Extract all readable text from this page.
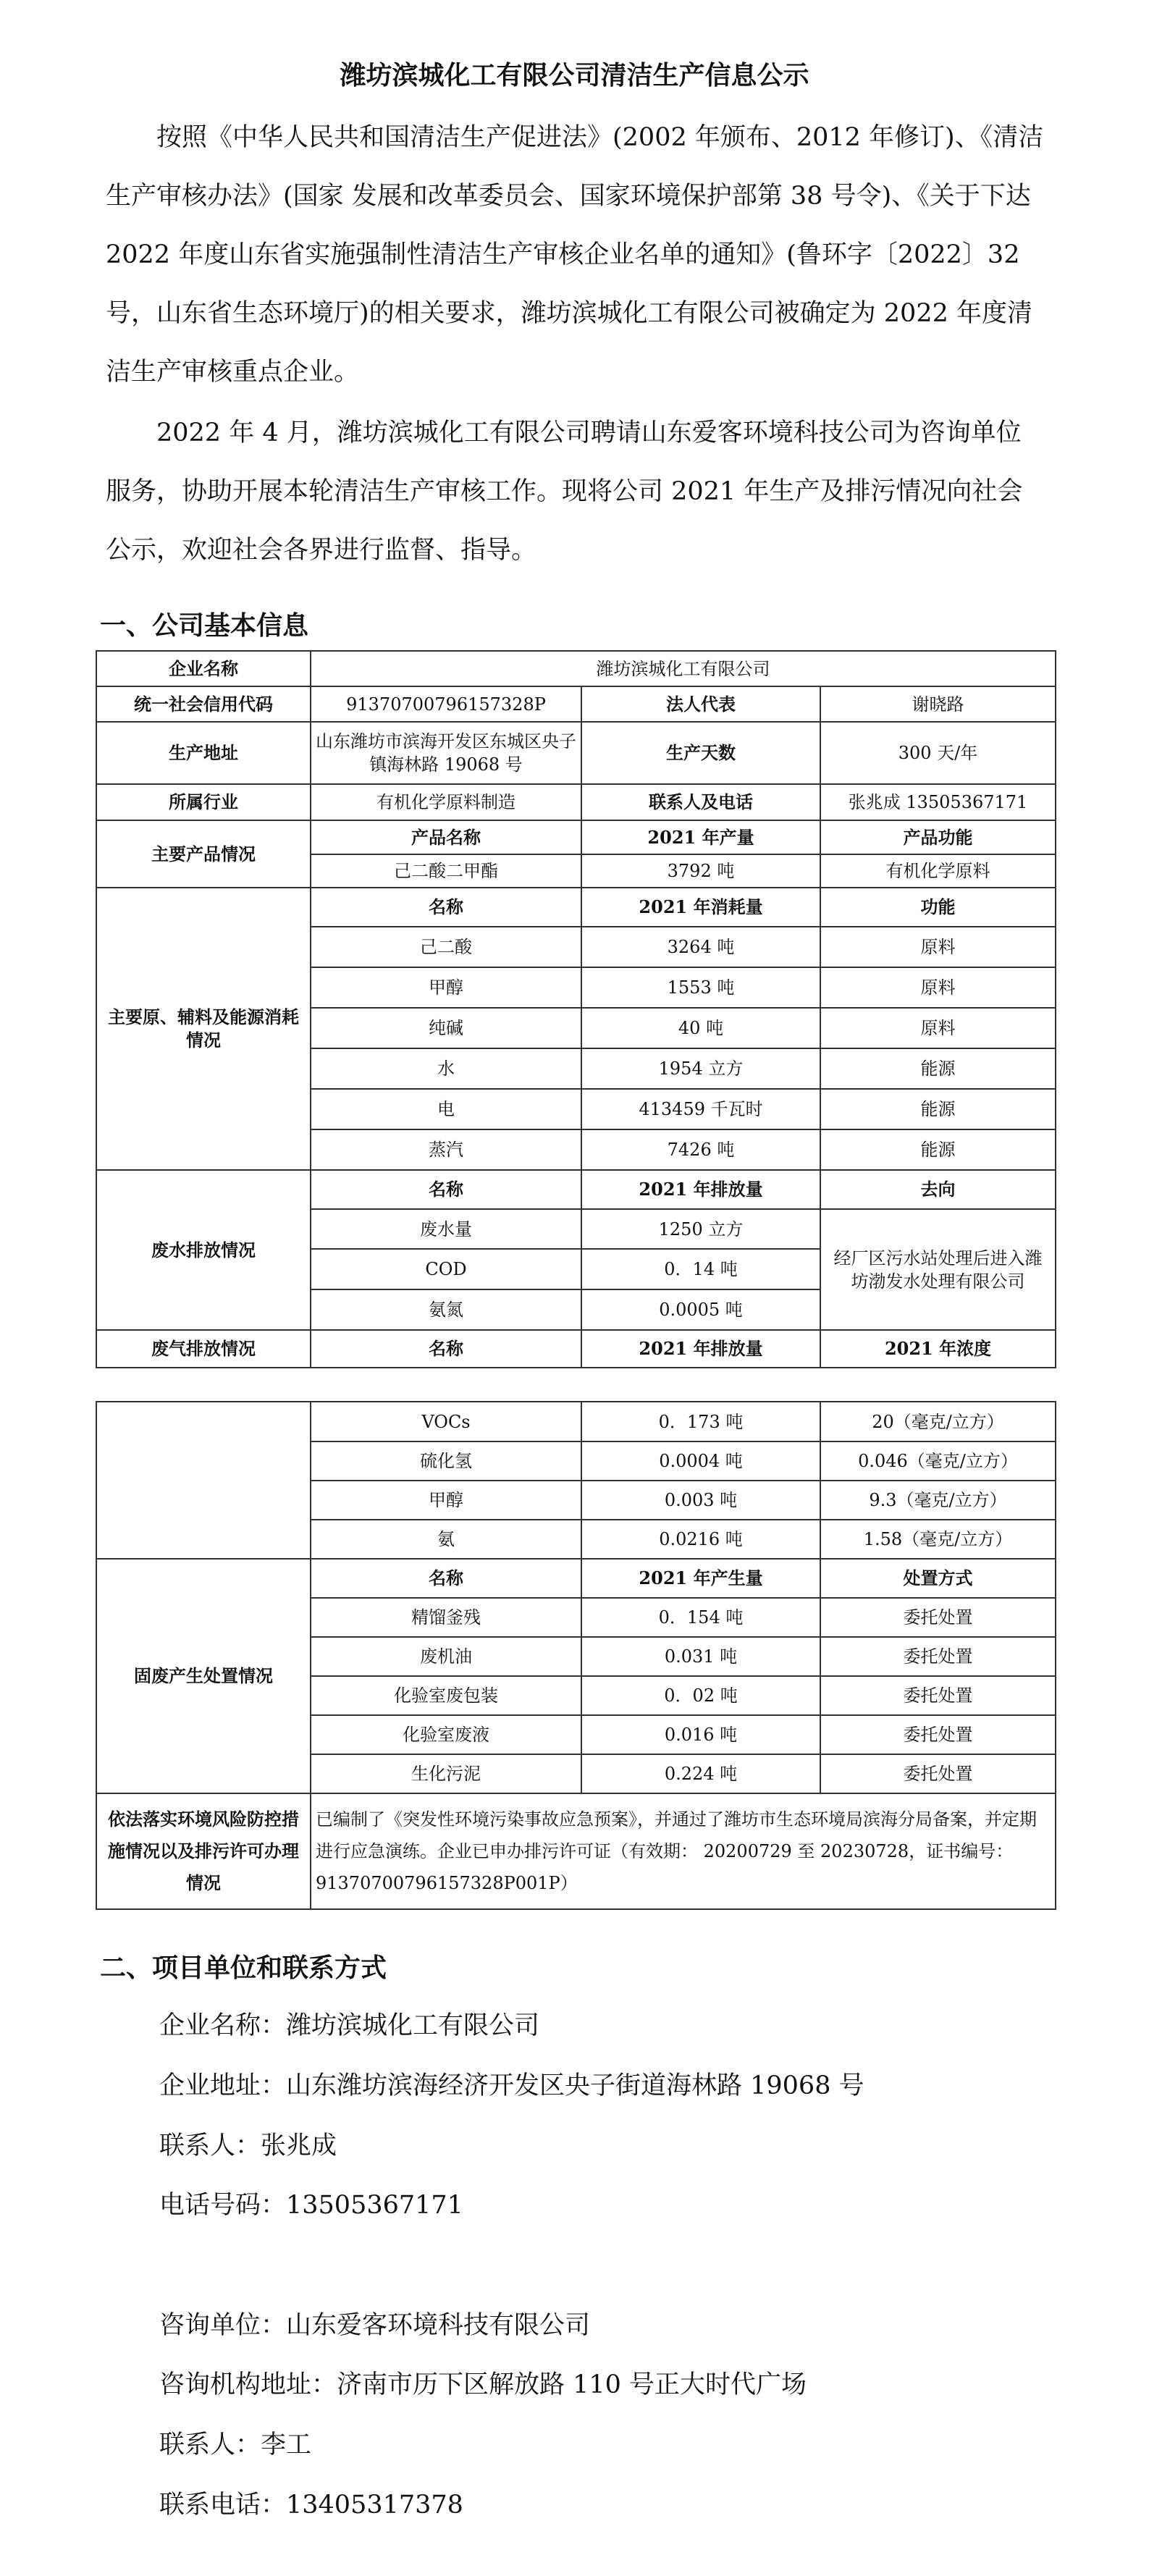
潍坊滨城化工有限公司清洁生产信息公示
按照《中华人民共和国清洁生产促进法》(2002 年颁布、2012 年修订)、《清洁生产审核办法》(国家 发展和改革委员会、国家环境保护部第 38 号令)、《关于下达 2022 年度山东省实施强制性清洁生产审核企业名单的通知》(鲁环字〔2022〕32 号，山东省生态环境厅)的相关要求，潍坊滨城化工有限公司被确定为 2022 年度清洁生产审核重点企业。
2022 年 4 月，潍坊滨城化工有限公司聘请山东爱客环境科技公司为咨询单位服务，协助开展本轮清洁生产审核工作。现将公司 2021 年生产及排污情况向社会公示，欢迎社会各界进行监督、指导。
一、公司基本信息
企业名称	潍坊滨城化工有限公司		
统一社会信用代码	91370700796157328P	法人代表	谢晓路
生产地址	山东潍坊市滨海开发区东城区央子镇海林路 19068 号	生产天数	300 天/年
所属行业	有机化学原料制造	联系人及电话	张兆成 13505367171
主要产品情况	产品名称	2021 年产量	产品功能
	己二酸二甲酯	3792 吨	有机化学原料
主要原、辅料及能源消耗情况	名称	2021 年消耗量	功能
	己二酸	3264 吨	原料
	甲醇	1553 吨	原料
	纯碱	40 吨	原料
	水	1954 立方	能源
	电	413459 千瓦时	能源
	蒸汽	7426 吨	能源
废水排放情况	名称	2021 年排放量	去向
	废水量	1250 立方	经厂区污水站处理后进入潍坊渤发水处理有限公司
	COD	0．14 吨	
	氨氮	0.0005 吨	
废气排放情况	名称	2021 年排放量	2021 年浓度
	VOCs	0．173 吨	20（毫克/立方）
	硫化氢	0.0004 吨	0.046（毫克/立方）
	甲醇	0.003 吨	9.3（毫克/立方）
	氨	0.0216 吨	1.58（毫克/立方）
固废产生处置情况	名称	2021 年产生量	处置方式
	精馏釜残	0．154 吨	委托处置
	废机油	0.031 吨	委托处置
	化验室废包装	0．02 吨	委托处置
	化验室废液	0.016 吨	委托处置
	生化污泥	0.224 吨	委托处置
依法落实环境风险防控措施情况以及排污许可办理情况	已编制了《突发性环境污染事故应急预案》，并通过了潍坊市生态环境局滨海分局备案，并定期进行应急演练。企业已申办排污许可证（有效期： 20200729 至 20230728，证书编号：91370700796157328P001P）		
二、项目单位和联系方式
企业名称：潍坊滨城化工有限公司
企业地址：山东潍坊滨海经济开发区央子街道海林路 19068 号
联系人：张兆成
电话号码：13505367171
咨询单位：山东爱客环境科技有限公司
咨询机构地址：济南市历下区解放路 110 号正大时代广场
联系人：李工
联系电话：13405317378
